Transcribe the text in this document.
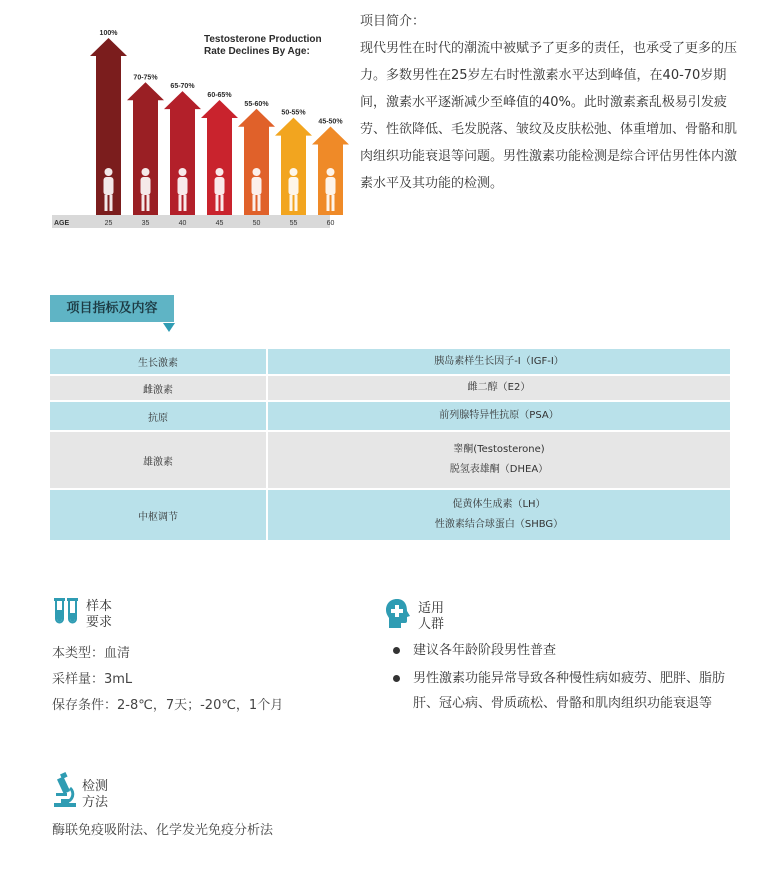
AGE
100%
25
70-75%
35
65-70%
40
60-65%
45
55-60%
50
50-55%
55
45-50%
60
Testosterone Production Rate Declines By Age:
项目简介：
现代男性在时代的潮流中被赋予了更多的责任，也承受了更多的压力。多数男性在25岁左右时性激素水平达到峰值，在40-70岁期间，激素水平逐渐减少至峰值的40%。此时激素紊乱极易引发疲劳、性欲降低、毛发脱落、皱纹及皮肤松弛、体重增加、骨骼和肌肉组织功能衰退等问题。男性激素功能检测是综合评估男性体内激素水平及其功能的检测。
项目指标及内容
生长激素	胰岛素样生长因子-I（IGF-I）

雌激素	雌二醇（E2）

抗原	前列腺特异性抗原（PSA）

雄激素	睾酮(Testosterone)
脱氢表雄酮（DHEA）

中枢调节	促黄体生成素（LH）
性激素结合球蛋白（SHBG）
样本
要求
本类型：血清
采样量：3mL
保存条件：2-8℃，7天；-20℃，1个月
适用
人群
建议各年龄阶段男性普查
男性激素功能异常导致各种慢性病如疲劳、肥胖、脂肪肝、冠心病、骨质疏松、骨骼和肌肉组织功能衰退等
检测
方法
酶联免疫吸附法、化学发光免疫分析法
